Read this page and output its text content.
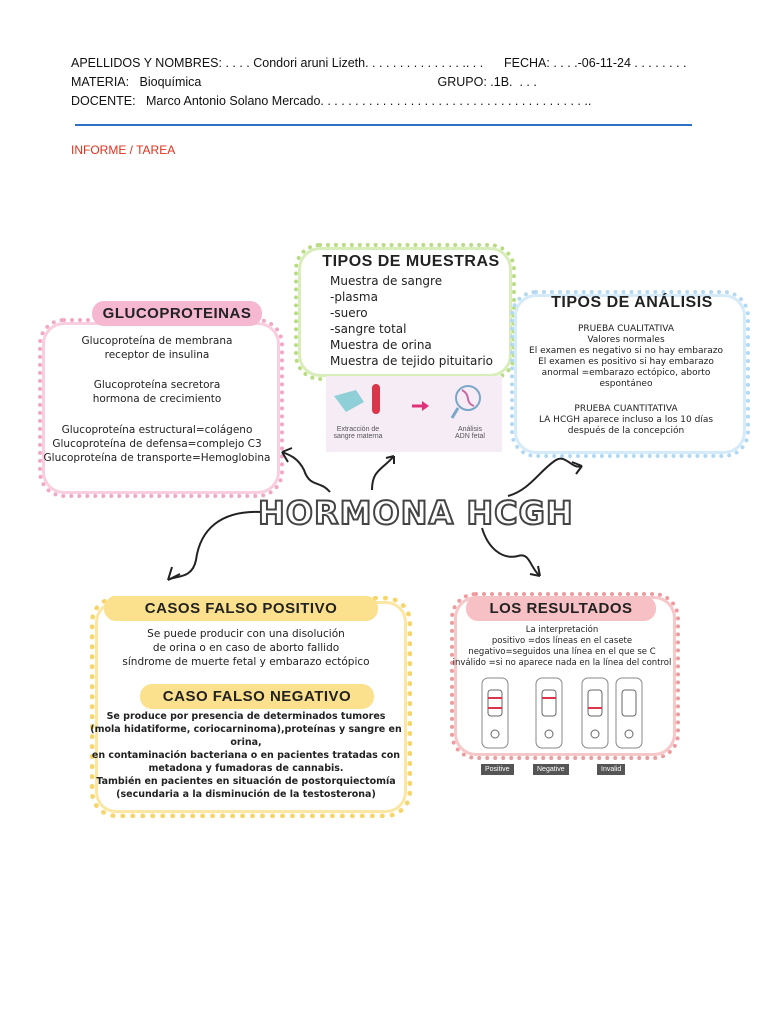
APELLIDOS Y NOMBRES: . . . . Condori aruni Lizeth. . . . . . . . . . . . . . .. . .      FECHA: . . . .-06-11-24 . . . . . . . .
MATERIA:   Bioquímica                                                                    GRUPO: .1B.  . . .
DOCENTE:   Marco Antonio Solano Mercado. . . . . . . . . . . . . . . . . . . . . . . . . . . . . . . . . . . . . . ..
INFORME / TAREA
GLUCOPROTEINAS
Glucoproteína de membrana
receptor de insulina
Glucoproteína secretora
hormona de crecimiento
Glucoproteína estructural=colágeno
Glucoproteína de defensa=complejo C3
Glucoproteína de transporte=Hemoglobina
TIPOS DE MUESTRAS
Muestra de sangre
-plasma
-suero
-sangre total
Muestra de orina
Muestra de tejido pituitario
Extracción de
sangre materna
Análisis
ADN fetal
TIPOS DE ANÁLISIS
PRUEBA CUALITATIVA
Valores normales
El examen es negativo si no hay embarazo
El examen es positivo si hay embarazo
anormal =embarazo ectópico, aborto
espontáneo
PRUEBA CUANTITATIVA
LA HCGH aparece incluso a los 10 días
después de la concepción
HORMONA HCGH
CASOS FALSO POSITIVO
Se puede producir con una disolución
de orina o en caso de aborto fallido
síndrome de muerte fetal y embarazo ectópico
CASO FALSO NEGATIVO
Se produce por presencia de determinados tumores
(mola hidatiforme, coriocarninoma),proteínas y sangre en orina,
en contaminación bacteriana o en pacientes tratadas con
metadona y fumadoras de cannabis.
También en pacientes en situación de postorquiectomía
(secundaria a la disminución de la testosterona)
LOS RESULTADOS
La interpretación
positivo =dos líneas en el casete
negativo=seguidos una línea en el que se C
inválido =si no aparece nada en la línea del control
Positive	Negative	Invalid
